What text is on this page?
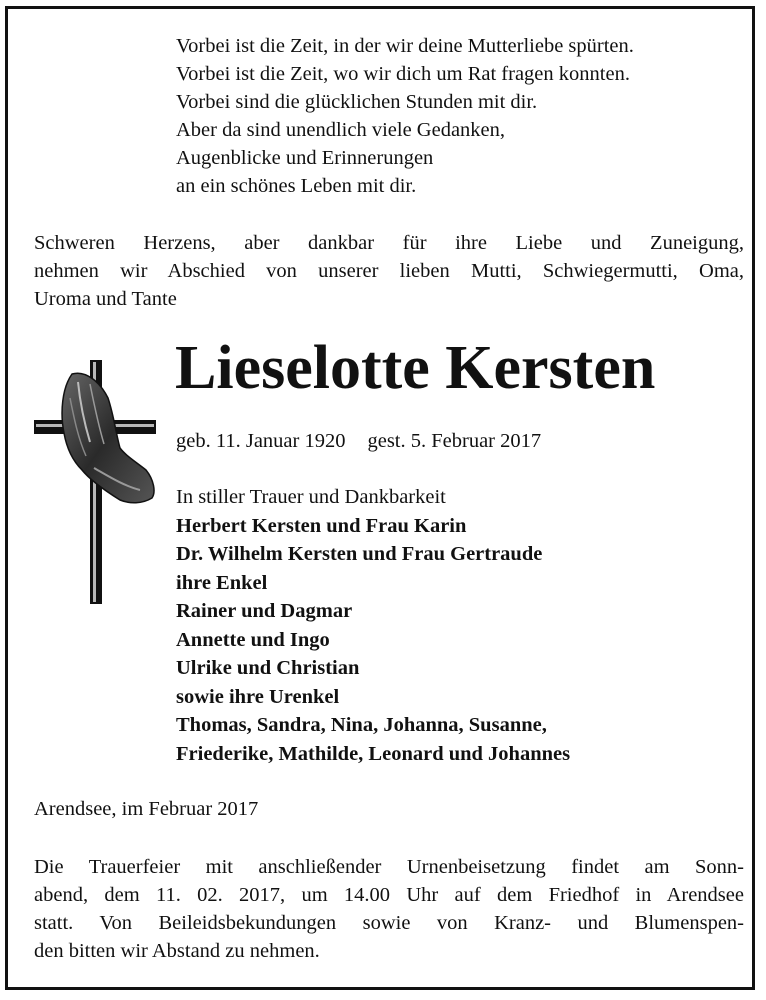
Vorbei ist die Zeit, in der wir deine Mutterliebe spürten.
Vorbei ist die Zeit, wo wir dich um Rat fragen konnten.
Vorbei sind die glücklichen Stunden mit dir.
Aber da sind unendlich viele Gedanken,
Augenblicke und Erinnerungen
an ein schönes Leben mit dir.
Schweren Herzens, aber dankbar für ihre Liebe und Zuneigung,
nehmen wir Abschied von unserer lieben Mutti, Schwiegermutti, Oma,
Uroma und Tante
Lieselotte Kersten
geb. 11. Januar 1920 gest. 5. Februar 2017
In stiller Trauer und Dankbarkeit
Herbert Kersten und Frau Karin
Dr. Wilhelm Kersten und Frau Gertraude
ihre Enkel
Rainer und Dagmar
Annette und Ingo
Ulrike und Christian
sowie ihre Urenkel
Thomas, Sandra, Nina, Johanna, Susanne,
Friederike, Mathilde, Leonard und Johannes
Arendsee, im Februar 2017
Die Trauerfeier mit anschließender Urnenbeisetzung findet am Sonn-
abend, dem 11. 02. 2017, um 14.00 Uhr auf dem Friedhof in Arendsee
statt. Von Beileidsbekundungen sowie von Kranz- und Blumenspen-
den bitten wir Abstand zu nehmen.
